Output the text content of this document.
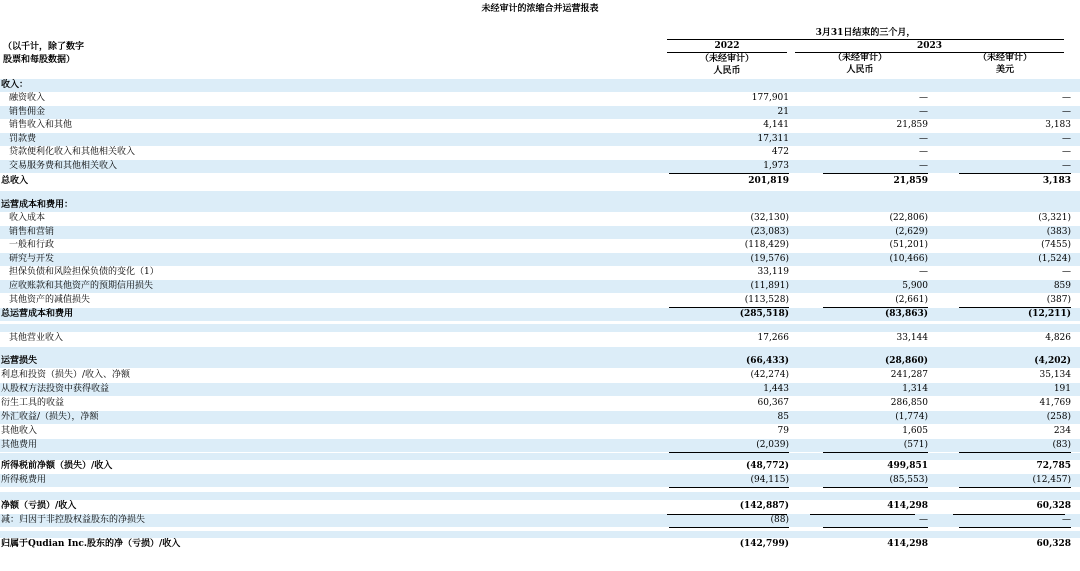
未经审计的浓缩合并运营报表
3月31日结束的三个月，
（以千计，除了数字
股票和每股数据）
2022
（未经审计）
人民币
2023
（未经审计）
人民币
（未经审计）
美元
收入：
融资收入	177,901	—	—
销售佣金	21	—	—
销售收入和其他	4,141	21,859	3,183
罚款费	17,311	—	—
贷款便利化收入和其他相关收入	472	—	—
交易服务费和其他相关收入	1,973	—	—
总收入	201,819	21,859	3,183
运营成本和费用：
收入成本	(32,130)	(22,806)	(3,321)
销售和营销	(23,083)	(2,629)	(383)
一般和行政	(118,429)	(51,201)	(7455)
研究与开发	(19,576)	(10,466)	(1,524)
担保负债和风险担保负债的变化（1）	33,119	—	—
应收账款和其他资产的预期信用损失	(11,891)	5,900	859
其他资产的减值损失	(113,528)	(2,661)	(387)
总运营成本和费用	(285,518)	(83,863)	(12,211)
其他营业收入	17,266	33,144	4,826
运营损失	(66,433)	(28,860)	(4,202)
利息和投资（损失）/收入、净额	(42,274)	241,287	35,134
从股权方法投资中获得收益	1,443	1,314	191
衍生工具的收益	60,367	286,850	41,769
外汇收益/（损失），净额	85	(1,774)	(258)
其他收入	79	1,605	234
其他费用	(2,039)	(571)	(83)
所得税前净额（损失）/收入	(48,772)	499,851	72,785
所得税费用	(94,115)	(85,553)	(12,457)
净额（亏损）/收入	(142,887)	414,298	60,328
减：归因于非控股权益股东的净损失	(88)	—	—
归属于Qudian Inc.股东的净（亏损）/收入	(142,799)	414,298	60,328
